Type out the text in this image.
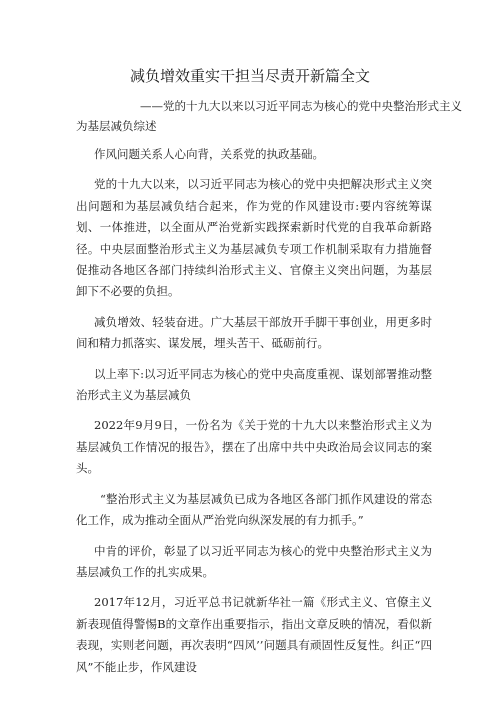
减负增效重实干担当尽责开新篇全文
——党的十九大以来以习近平同志为核心的党中央整治形式主义
为基层减负综述

作风问题关系人心向背，关系党的执政基础。

党的十九大以来，以习近平同志为核心的党中央把解决形式主义突出问题和为基层减负结合起来，作为党的作风建设市:要内容统筹谋划、一体推进，以全面从严治党新实践探索新时代党的自我革命新路径。中央层面整治形式主义为基层减负专项工作机制采取有力措施督促推动各地区各部门持续纠治形式主义、官僚主义突出问题，为基层卸下不必要的负担。

减负增效、轻装奋进。广大基层干部放开手脚干事创业，用更多时间和精力抓落实、谋发展，埋头苦干、砥砺前行。

以上率下:以习近平同志为核心的党中央高度重视、谋划部署推动整治形式主义为基层减负

2022年9月9日，一份名为《关于党的十九大以来整治形式主义为基层减负工作情况的报告》，摆在了出席中共中央政治局会议同志的案头。

“整治形式主义为基层减负已成为各地区各部门抓作风建设的常态化工作，成为推动全面从严治党向纵深发展的有力抓手。”

中肯的评价，彰显了以习近平同志为核心的党中央整治形式主义为基层减负工作的扎实成果。

2017年12月，习近平总书记就新华社一篇《形式主义、官僚主义新表现值得警惕B的文章作出重要指示，指出文章反映的情况，看似新表现，实则老问题，再次表明“四风’’问题具有顽固性反复性。纠正“四风”不能止步，作风建设
